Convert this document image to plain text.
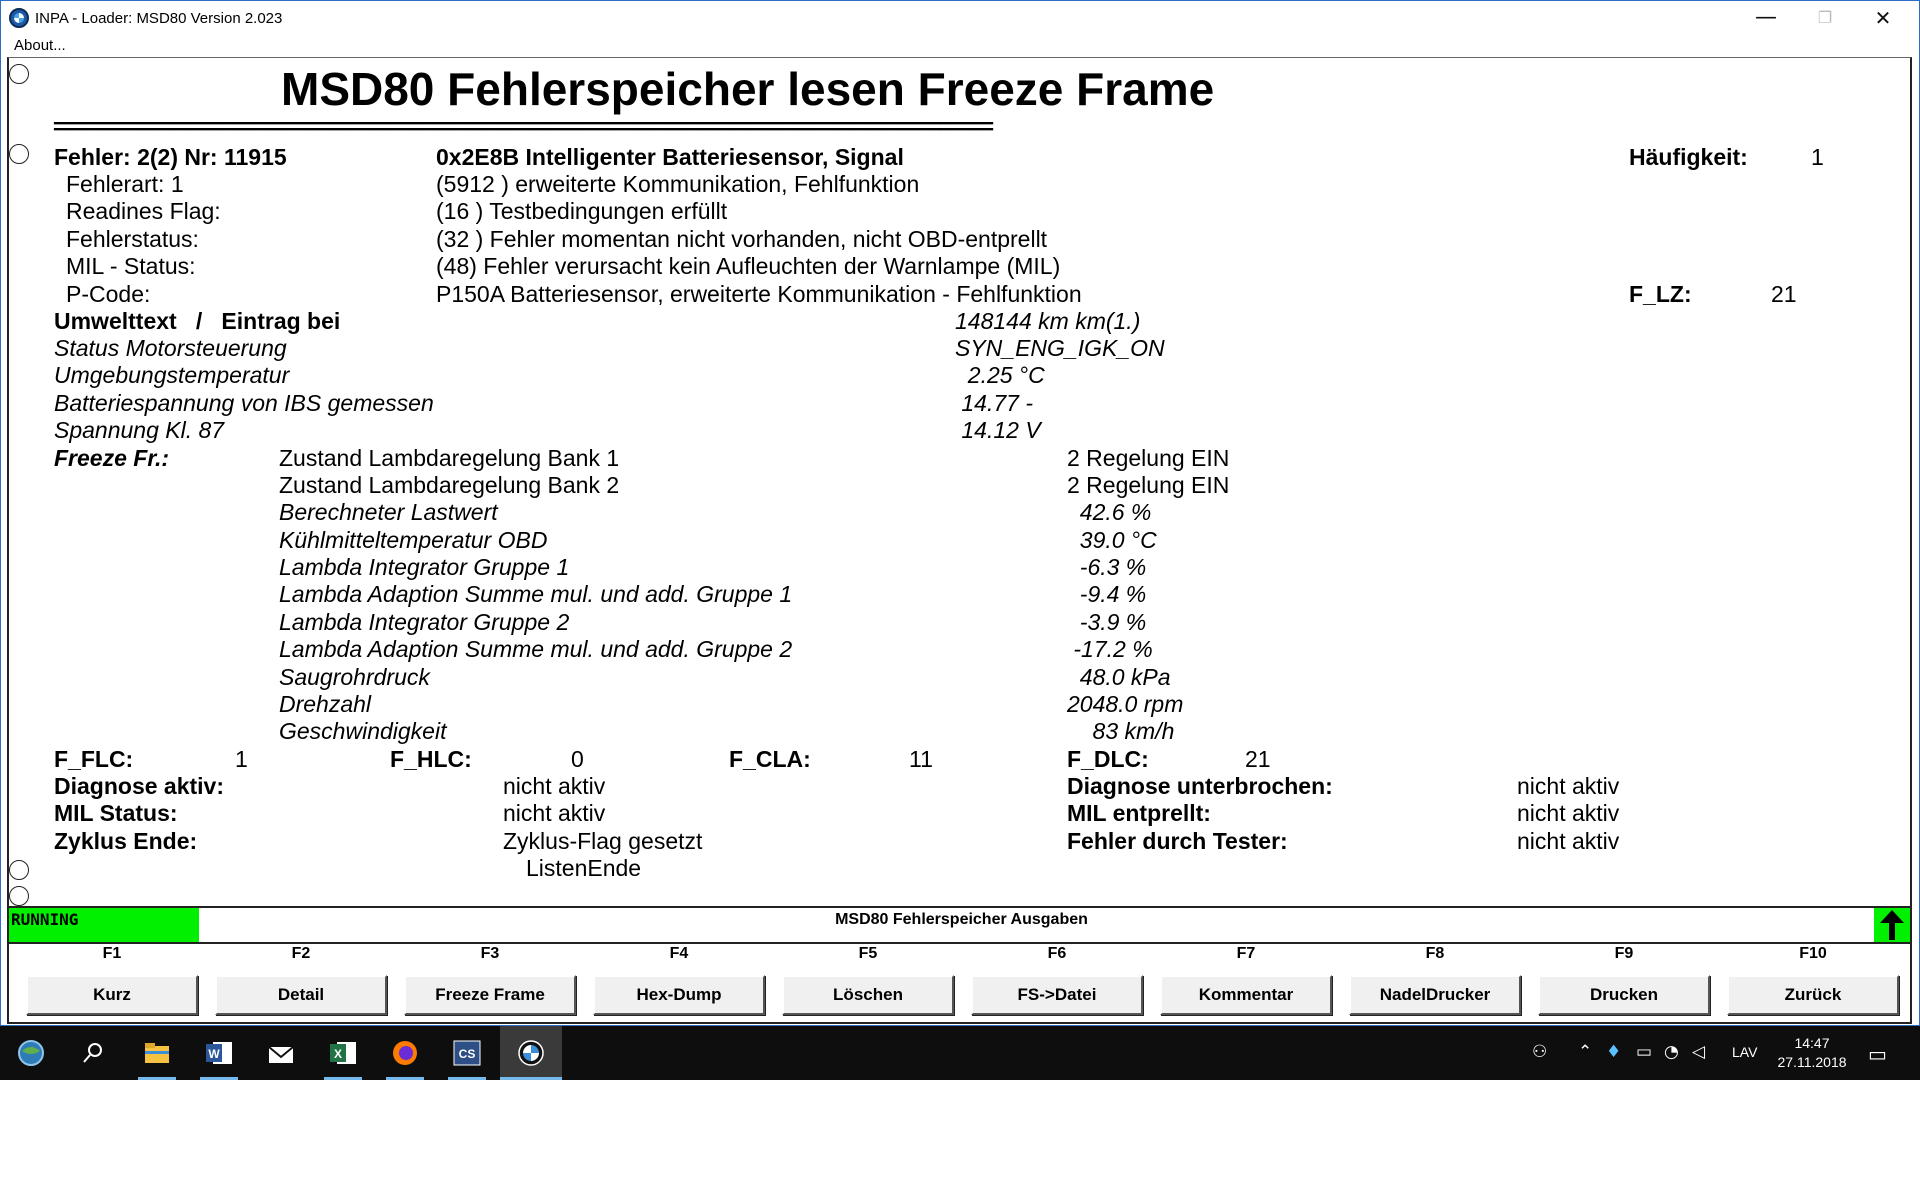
INPA - Loader: MSD80 Version 2.023	—	❐	✕
About...
MSD80 Fehlerspeicher lesen Freeze Frame
=========================================================================================
Fehler: 2(2) Nr: 11915	0x2E8B Intelligenter Batteriesensor, Signal	Häufigkeit:	1
Fehlerart: 1	(5912 ) erweiterte Kommunikation, Fehlfunktion
Readines Flag:	(16 ) Testbedingungen erfüllt
Fehlerstatus:	(32 ) Fehler momentan nicht vorhanden, nicht OBD-entprellt
MIL - Status:	(48) Fehler verursacht kein Aufleuchten der Warnlampe (MIL)
P-Code:	P150A Batteriesensor, erweiterte Kommunikation - Fehlfunktion	F_LZ:	21
Umwelttext   /   Eintrag bei	148144 km km(1.)
Status Motorsteuerung	SYN_ENG_IGK_ON
Umgebungstemperatur	2.25 °C
Batteriespannung von IBS gemessen	14.77 -
Spannung Kl. 87	14.12 V
Freeze Fr.:	Zustand Lambdaregelung Bank 1	2 Regelung EIN
Zustand Lambdaregelung Bank 2	2 Regelung EIN
Berechneter Lastwert	42.6 %
Kühlmitteltemperatur OBD	39.0 °C
Lambda Integrator Gruppe 1	-6.3 %
Lambda Adaption Summe mul. und add. Gruppe 1	-9.4 %
Lambda Integrator Gruppe 2	-3.9 %
Lambda Adaption Summe mul. und add. Gruppe 2	-17.2 %
Saugrohrdruck	48.0 kPa
Drehzahl	2048.0 rpm
Geschwindigkeit	83 km/h
F_FLC:	1	F_HLC:	0	F_CLA:	11	F_DLC:	21
Diagnose aktiv:	nicht aktiv	Diagnose unterbrochen:	nicht aktiv
MIL Status:	nicht aktiv	MIL entprellt:	nicht aktiv
Zyklus Ende:	Zyklus-Flag gesetzt	Fehler durch Tester:	nicht aktiv
ListenEnde
RUNNING	MSD80 Fehlerspeicher Ausgaben
F1
Kurz
F2
Detail
F3
Freeze Frame
F4
Hex-Dump
F5
Löschen
F6
FS->Datei
F7
Kommentar
F8
NadelDrucker
F9
Drucken
F10
Zurück
W	X	CS	⚇ ⌃ ♦ ▭ ◔ ◁ LAV
14:47
27.11.2018 ▭
